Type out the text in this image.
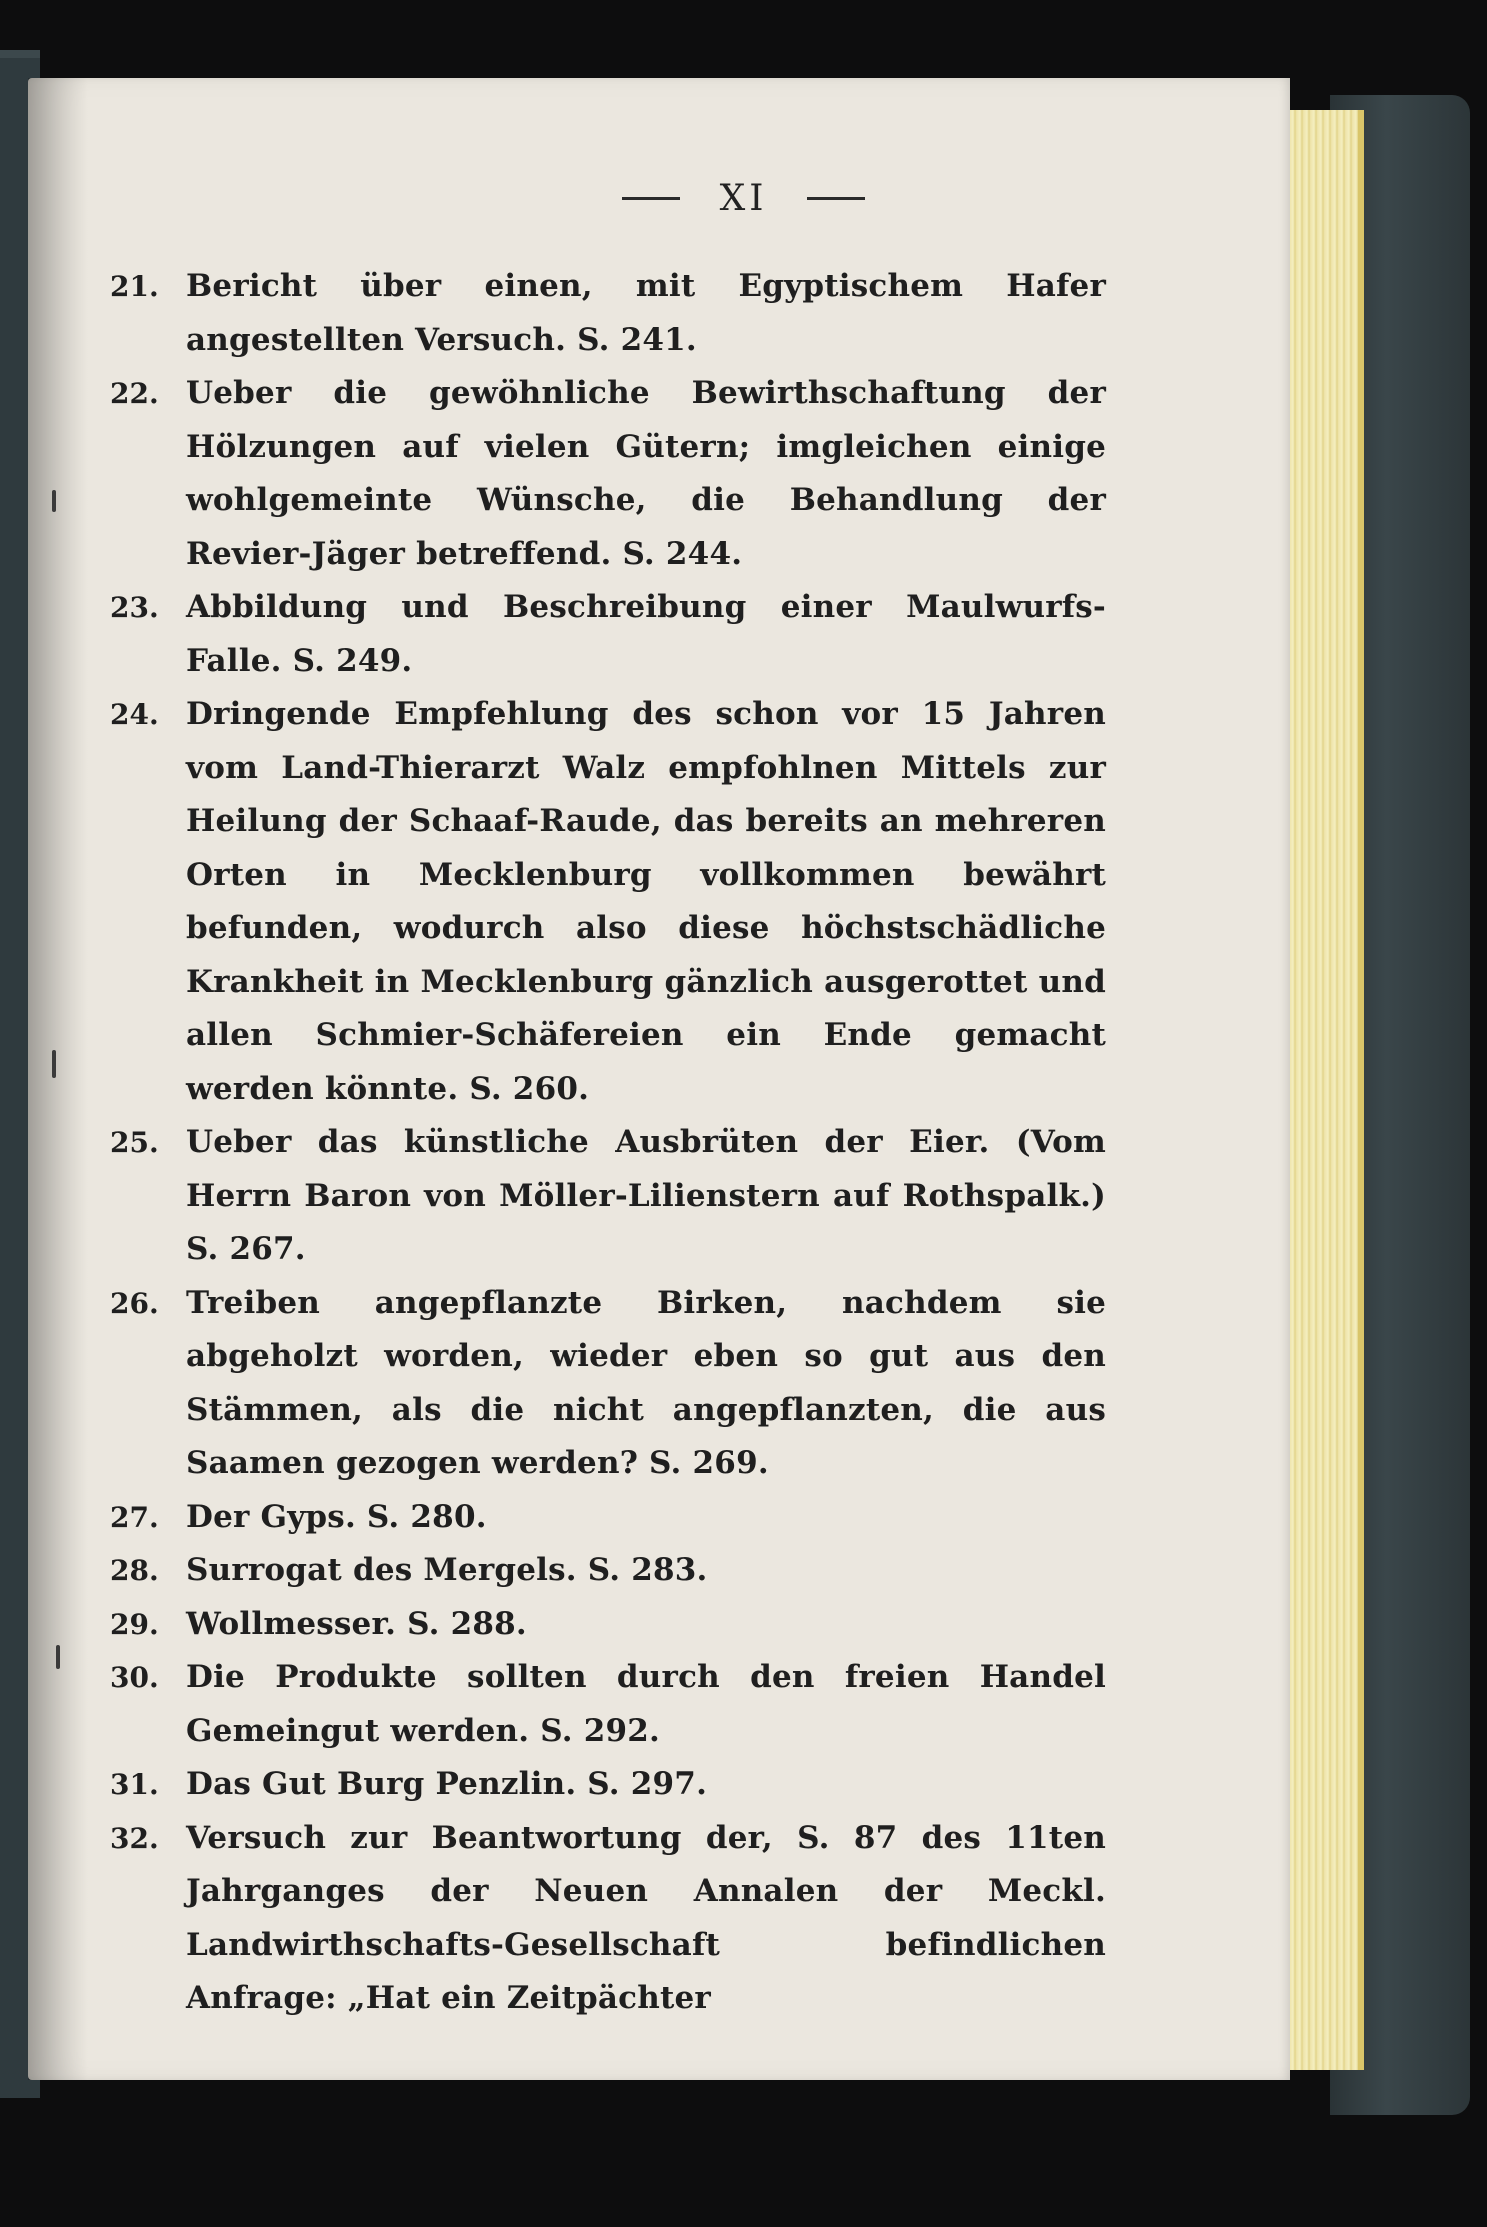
XI
21. Bericht über einen, mit Egyptischem Hafer angestellten Versuch. S. 241.

22. Ueber die gewöhnliche Bewirthschaftung der Hölzungen auf vielen Gütern; imgleichen einige wohlgemeinte Wünsche, die Behandlung der Revier-Jäger betreffend. S. 244.

23. Abbildung und Beschreibung einer Maulwurfs-Falle. S. 249.

24. Dringende Empfehlung des schon vor 15 Jahren vom Land-Thierarzt Walz empfohlnen Mittels zur Heilung der Schaaf-Raude, das bereits an mehreren Orten in Mecklenburg vollkommen bewährt befunden, wodurch also diese höchstschädliche Krankheit in Mecklenburg gänzlich ausgerottet und allen Schmier-Schäfereien ein Ende gemacht werden könnte. S. 260.

25. Ueber das künstliche Ausbrüten der Eier. (Vom Herrn Baron von Möller-Lilienstern auf Rothspalk.) S. 267.

26. Treiben angepflanzte Birken, nachdem sie abgeholzt worden, wieder eben so gut aus den Stämmen, als die nicht angepflanzten, die aus Saamen gezogen werden? S. 269.

27. Der Gyps. S. 280.

28. Surrogat des Mergels. S. 283.

29. Wollmesser. S. 288.

30. Die Produkte sollten durch den freien Handel Gemeingut werden. S. 292.

31. Das Gut Burg Penzlin. S. 297.

32. Versuch zur Beantwortung der, S. 87 des 11ten Jahrganges der Neuen Annalen der Meckl. Landwirthschafts-Gesellschaft befindlichen Anfrage: „Hat ein Zeitpächter
